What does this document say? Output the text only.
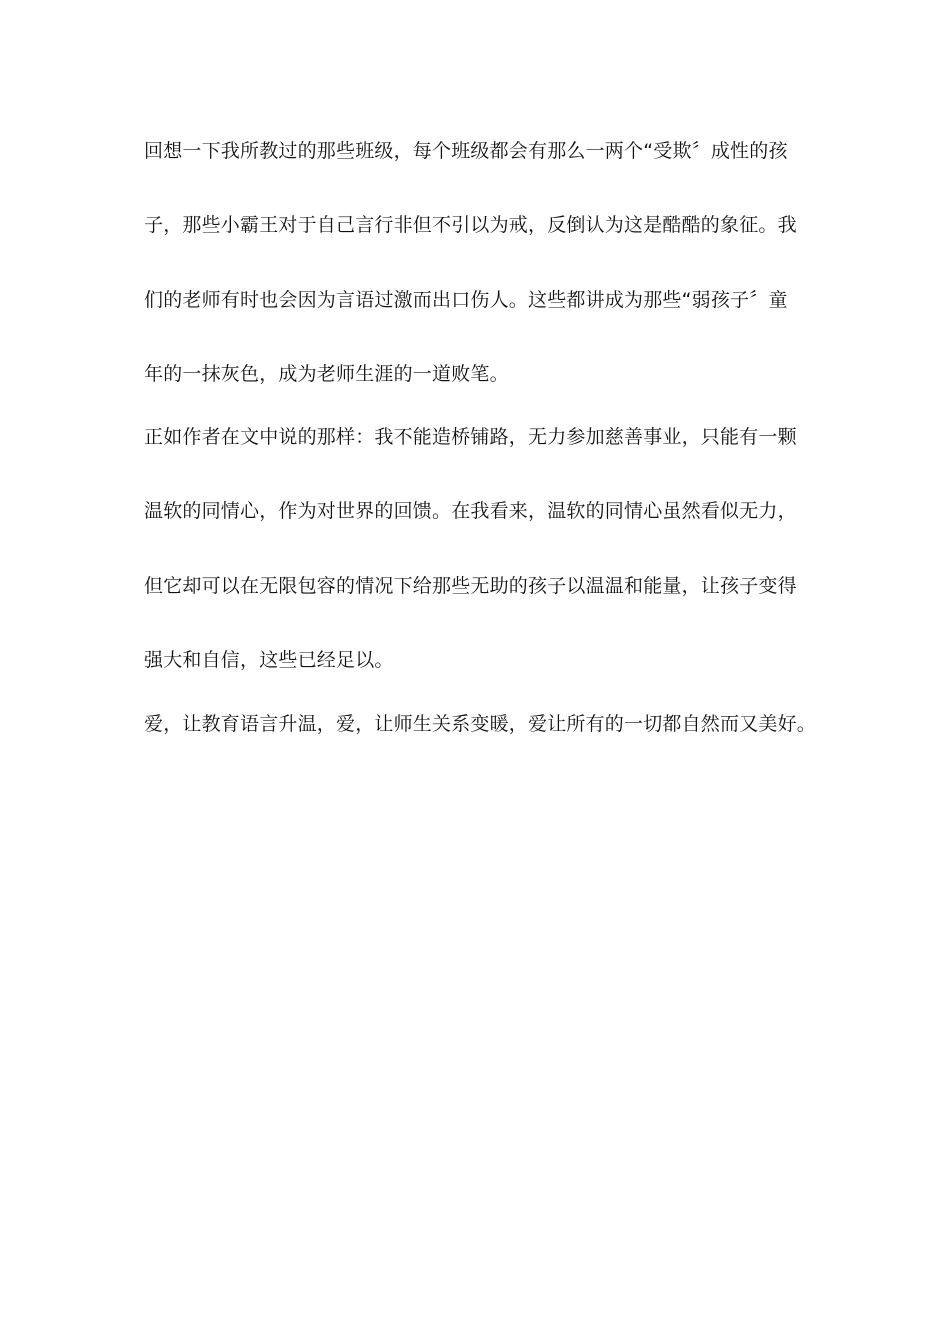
回想一下我所教过的那些班级，每个班级都会有那么一两个“受欺〞成性的孩
子，那些小霸王对于自己言行非但不引以为戒，反倒认为这是酷酷的象征。我
们的老师有时也会因为言语过激而出口伤人。这些都讲成为那些“弱孩子〞童
年的一抹灰色，成为老师生涯的一道败笔。
正如作者在文中说的那样：我不能造桥铺路，无力参加慈善事业，只能有一颗
温软的同情心，作为对世界的回馈。在我看来，温软的同情心虽然看似无力，
但它却可以在无限包容的情况下给那些无助的孩子以温温和能量，让孩子变得
强大和自信，这些已经足以。
爱，让教育语言升温，爱，让师生关系变暖，爱让所有的一切都自然而又美好。
